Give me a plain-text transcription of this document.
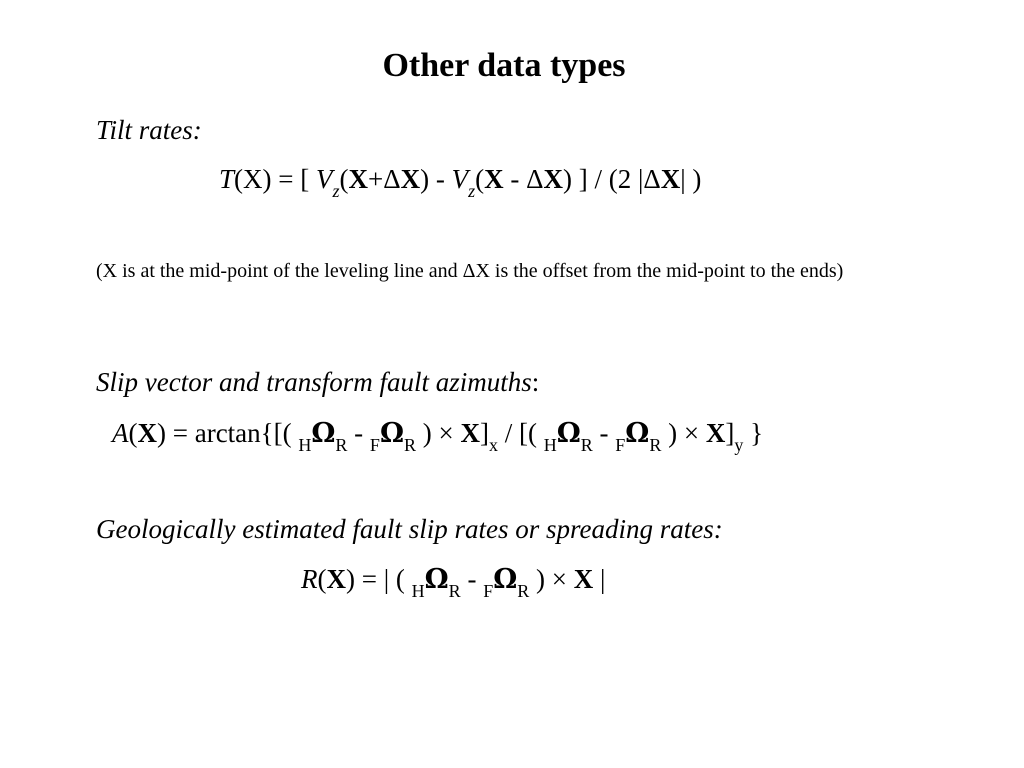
Other data types
Tilt rates:
T(X) = [ $V_z(X+\Delta X) - V_z(X - \Delta X)$ ] / (2 |ΔX| )
(X is at the mid-point of the leveling line and ΔX is the offset from the mid-point to the ends)
Slip vector and transform fault azimuths:
A(X) = arctan{[( $_H\Omega_R - _F\Omega_R$ ) × $X]_x$ / [( $_H\Omega_R - _F\Omega_R$ ) × $X]_y$ }
Geologically estimated fault slip rates or spreading rates:
R(X) = | ( $_H\Omega_R - _F\Omega_R$ ) × X |
